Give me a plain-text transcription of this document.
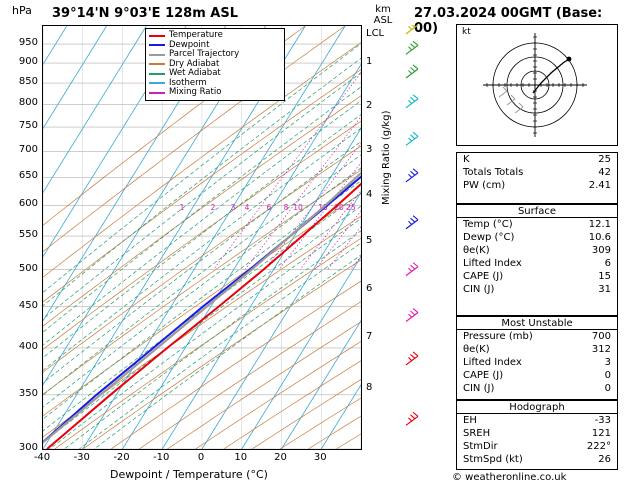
hPa 39°14'N 9°03'E 128m ASL	km
ASL 27.03.2024 00GMT (Base: 00)
1	2 3 4 6 8 10 15 20 25
300
350
400
450
500
550
600
650
700
750
800
850
900
950
-40	-30	-20	-10	0	10	20	30
8
7
6
5
4
3
2
1
LCL
Dewpoint / Temperature (°C)
Mixing Ratio (g/kg)
Temperature
Dewpoint
Parcel Trajectory
Dry Adiabat
Wet Adiabat
Isotherm
Mixing Ratio
kt
K	25
Totals Totals	42
PW (cm)	2.41
Surface
Temp (°C)	12.1
Dewp (°C)	10.6
θe(K)	309
Lifted Index	6
CAPE (J)	15
CIN (J)	31
Most Unstable
Pressure (mb)	700
θe(K)	312
Lifted Index	3
CAPE (J)	0
CIN (J)	0
Hodograph
EH	-33
SREH	121
StmDir	222°
StmSpd (kt)	26
© weatheronline.co.uk
